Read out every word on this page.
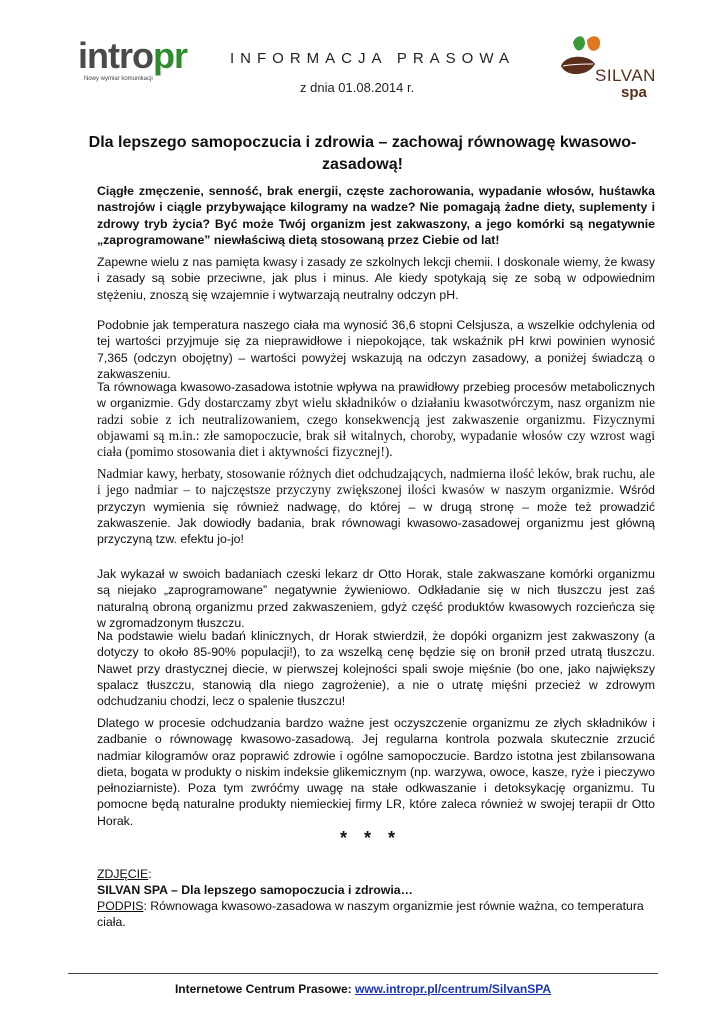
intropr
Nowy wymiar komunikacji
INFORMACJA PRASOWA
z dnia 01.08.2014 r.
SILVAN
spa
Dla lepszego samopoczucia i zdrowia – zachowaj równowagę kwasowo-zasadową!
Ciągłe zmęczenie, senność, brak energii, częste zachorowania, wypadanie włosów, huśtawka nastrojów i ciągle przybywające kilogramy na wadze? Nie pomagają żadne diety, suplementy i zdrowy tryb życia? Być może Twój organizm jest zakwaszony, a jego komórki są negatywnie „zaprogramowane” niewłaściwą dietą stosowaną przez Ciebie od lat!
Zapewne wielu z nas pamięta kwasy i zasady ze szkolnych lekcji chemii. I doskonale wiemy, że kwasy i zasady są sobie przeciwne, jak plus i minus. Ale kiedy spotykają się ze sobą w odpowiednim stężeniu, znoszą się wzajemnie i wytwarzają neutralny odczyn pH.
Podobnie jak temperatura naszego ciała ma wynosić 36,6 stopni Celsjusza, a wszelkie odchylenia od tej wartości przyjmuje się za nieprawidłowe i niepokojące, tak wskaźnik pH krwi powinien wynosić 7,365 (odczyn obojętny) – wartości powyżej wskazują na odczyn zasadowy, a poniżej świadczą o zakwaszeniu.
Ta równowaga kwasowo-zasadowa istotnie wpływa na prawidłowy przebieg procesów metabolicznych w organizmie. Gdy dostarczamy zbyt wielu składników o działaniu kwasotwórczym, nasz organizm nie radzi sobie z ich neutralizowaniem, czego konsekwencją jest zakwaszenie organizmu. Fizycznymi objawami są m.in.: złe samopoczucie, brak sił witalnych, choroby, wypadanie włosów czy wzrost wagi ciała (pomimo stosowania diet i aktywności fizycznej!).
Nadmiar kawy, herbaty, stosowanie różnych diet odchudzających, nadmierna ilość leków, brak ruchu, ale i jego nadmiar – to najczęstsze przyczyny zwiększonej ilości kwasów w naszym organizmie. Wśród przyczyn wymienia się również nadwagę, do której – w drugą stronę – może też prowadzić zakwaszenie. Jak dowiodły badania, brak równowagi kwasowo-zasadowej organizmu jest główną przyczyną tzw. efektu jo-jo!
Jak wykazał w swoich badaniach czeski lekarz dr Otto Horak, stale zakwaszane komórki organizmu są niejako „zaprogramowane” negatywnie żywieniowo. Odkładanie się w nich tłuszczu jest zaś naturalną obroną organizmu przed zakwaszeniem, gdyż część produktów kwasowych rozcieńcza się w zgromadzonym tłuszczu.
Na podstawie wielu badań klinicznych, dr Horak stwierdził, że dopóki organizm jest zakwaszony (a dotyczy to około 85-90% populacji!), to za wszelką cenę będzie się on bronił przed utratą tłuszczu. Nawet przy drastycznej diecie, w pierwszej kolejności spali swoje mięśnie (bo one, jako największy spalacz tłuszczu, stanowią dla niego zagrożenie), a nie o utratę mięśni przecież w zdrowym odchudzaniu chodzi, lecz o spalenie tłuszczu!
Dlatego w procesie odchudzania bardzo ważne jest oczyszczenie organizmu ze złych składników i zadbanie o równowagę kwasowo-zasadową. Jej regularna kontrola pozwala skutecznie zrzucić nadmiar kilogramów oraz poprawić zdrowie i ogólne samopoczucie. Bardzo istotna jest zbilansowana dieta, bogata w produkty o niskim indeksie glikemicznym (np. warzywa, owoce, kasze, ryże i pieczywo pełnoziarniste). Poza tym zwróćmy uwagę na stałe odkwaszanie i detoksykację organizmu. Tu pomocne będą naturalne produkty niemieckiej firmy LR, które zaleca również w swojej terapii dr Otto Horak.
* * *
ZDJĘCIE:
SILVAN SPA – Dla lepszego samopoczucia i zdrowia…
PODPIS: Równowaga kwasowo-zasadowa w naszym organizmie jest równie ważna, co temperatura ciała.
Internetowe Centrum Prasowe: www.intropr.pl/centrum/SilvanSPA
